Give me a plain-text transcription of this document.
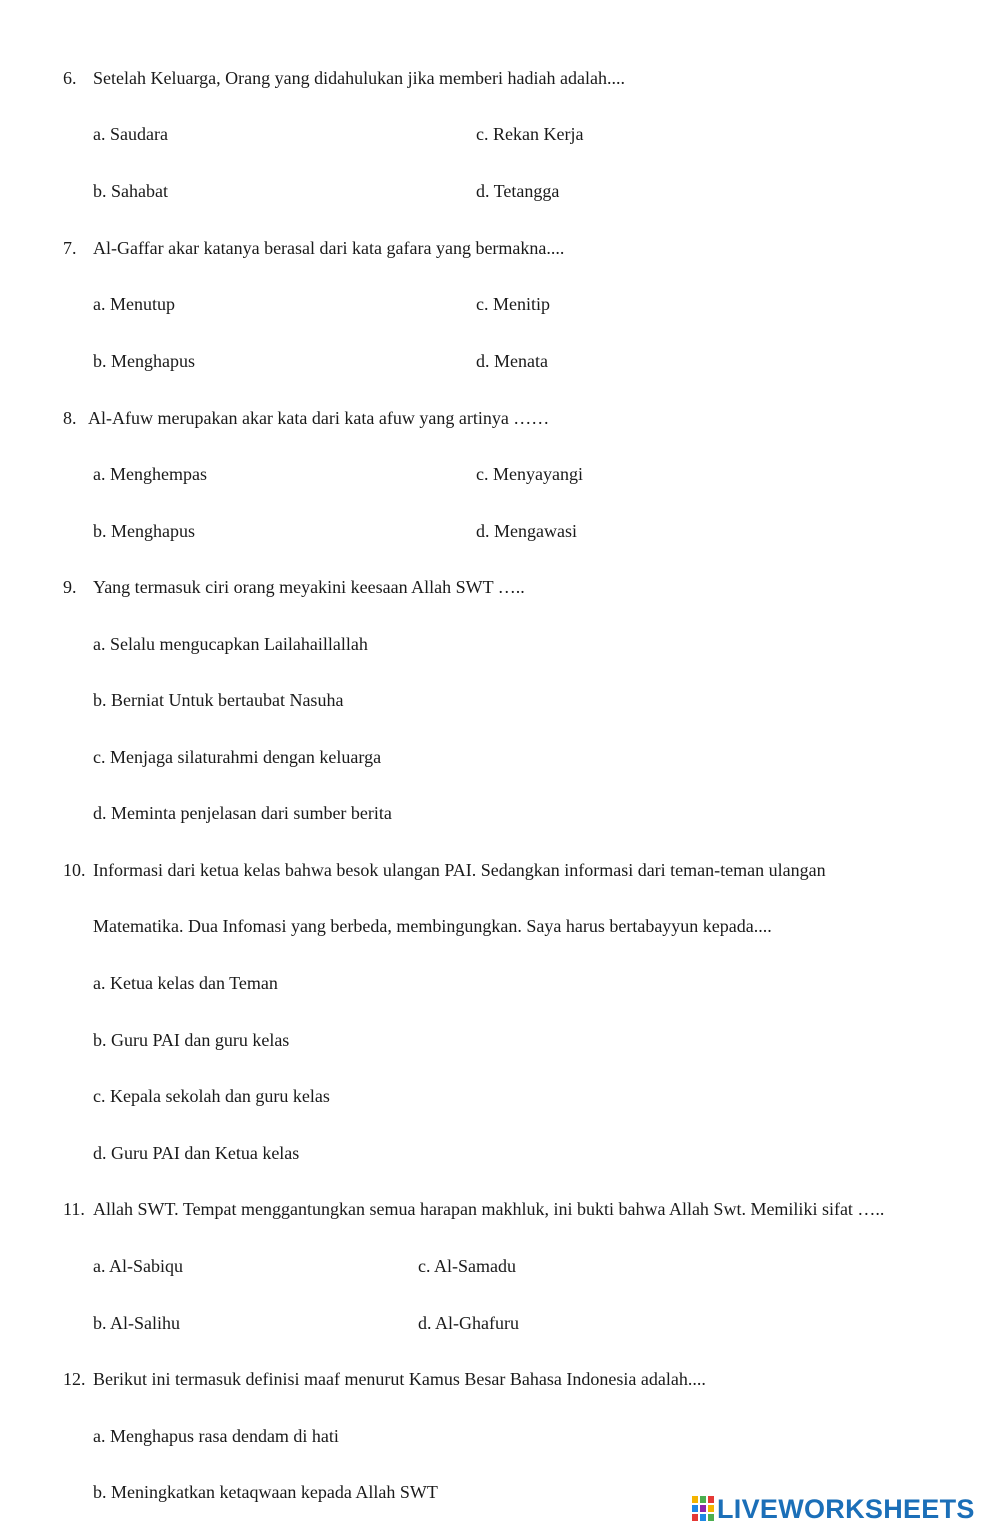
6. Setelah Keluarga, Orang yang didahulukan jika memberi hadiah adalah....
a. Saudara
b. Sahabat
c. Rekan Kerja
d. Tetangga
7. Al-Gaffar akar katanya berasal dari kata gafara yang bermakna....
a. Menutup
b. Menghapus
c. Menitip
d. Menata
8. Al-Afuw merupakan akar kata dari kata afuw yang artinya ……
a. Menghempas
b. Menghapus
c. Menyayangi
d. Mengawasi
9. Yang termasuk ciri orang meyakini keesaan Allah SWT …..
a. Selalu mengucapkan Lailahaillallah
b. Berniat Untuk bertaubat Nasuha
c. Menjaga silaturahmi dengan keluarga
d. Meminta penjelasan dari sumber berita
10. Informasi dari ketua kelas bahwa besok ulangan PAI. Sedangkan informasi dari teman-teman ulangan
Matematika. Dua Infomasi yang berbeda, membingungkan. Saya harus bertabayyun kepada....
a. Ketua kelas dan Teman
b. Guru PAI dan guru kelas
c. Kepala sekolah dan guru kelas
d. Guru PAI dan Ketua kelas
11. Allah SWT. Tempat menggantungkan semua harapan makhluk, ini bukti bahwa Allah Swt. Memiliki sifat …..
a. Al-Sabiqu
b. Al-Salihu
c. Al-Samadu
d. Al-Ghafuru
12. Berikut ini termasuk definisi maaf menurut Kamus Besar Bahasa Indonesia adalah....
a. Menghapus rasa dendam di hati
b. Meningkatkan ketaqwaan kepada Allah SWT
LIVEWORKSHEETS
